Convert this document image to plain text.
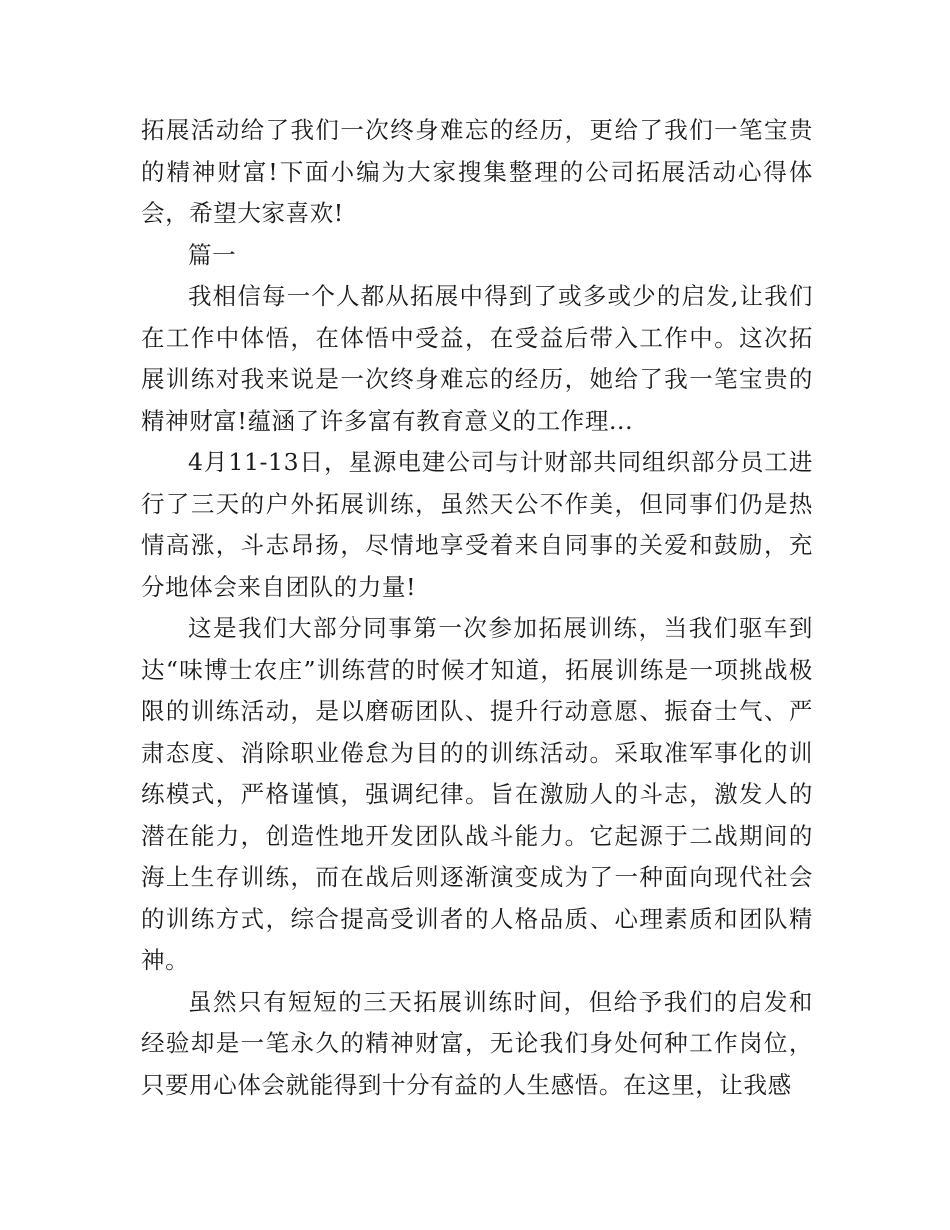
拓展活动给了我们一次终身难忘的经历，更给了我们一笔宝贵的精神财富!下面小编为大家搜集整理的公司拓展活动心得体会，希望大家喜欢!

篇一

我相信每一个人都从拓展中得到了或多或少的启发,让我们在工作中体悟，在体悟中受益，在受益后带入工作中。这次拓展训练对我来说是一次终身难忘的经历，她给了我一笔宝贵的精神财富!蕴涵了许多富有教育意义的工作理...

4月11-13日，星源电建公司与计财部共同组织部分员工进行了三天的户外拓展训练，虽然天公不作美，但同事们仍是热情高涨，斗志昂扬，尽情地享受着来自同事的关爱和鼓励，充分地体会来自团队的力量!

这是我们大部分同事第一次参加拓展训练，当我们驱车到达“味博士农庄”训练营的时候才知道，拓展训练是一项挑战极限的训练活动，是以磨砺团队、提升行动意愿、振奋士气、严肃态度、消除职业倦怠为目的的训练活动。采取准军事化的训练模式，严格谨慎，强调纪律。旨在激励人的斗志，激发人的潜在能力，创造性地开发团队战斗能力。它起源于二战期间的海上生存训练，而在战后则逐渐演变成为了一种面向现代社会的训练方式，综合提高受训者的人格品质、心理素质和团队精神。

虽然只有短短的三天拓展训练时间，但给予我们的启发和经验却是一笔永久的精神财富，无论我们身处何种工作岗位，只要用心体会就能得到十分有益的人生感悟。在这里，让我感
